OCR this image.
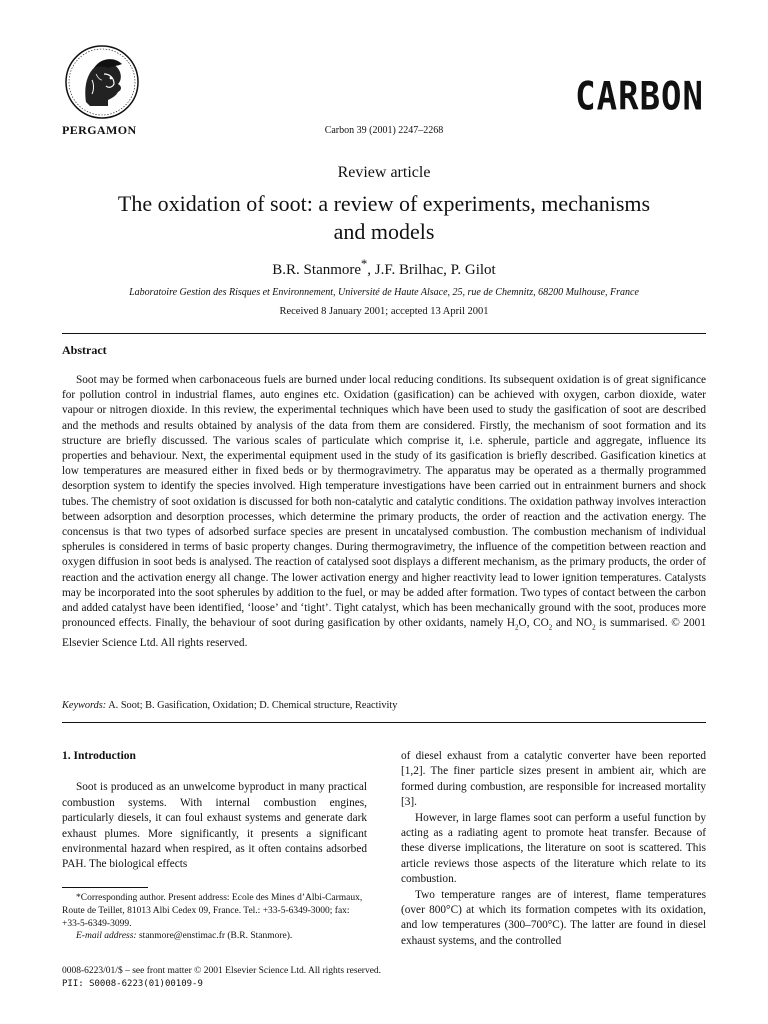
PERGAMON	Carbon 39 (2001) 2247–2268
CARBON
Review article
The oxidation of soot: a review of experiments, mechanisms
and models
B.R. Stanmore*, J.F. Brilhac, P. Gilot
Laboratoire Gestion des Risques et Environnement, Université de Haute Alsace, 25, rue de Chemnitz, 68200 Mulhouse, France
Received 8 January 2001; accepted 13 April 2001
Abstract

Soot may be formed when carbonaceous fuels are burned under local reducing conditions. Its subsequent oxidation is of great significance for pollution control in industrial flames, auto engines etc. Oxidation (gasification) can be achieved with oxygen, carbon dioxide, water vapour or nitrogen dioxide. In this review, the experimental techniques which have been used to study the gasification of soot are described and the methods and results obtained by analysis of the data from them are considered. Firstly, the mechanism of soot formation and its structure are briefly discussed. The various scales of particulate which comprise it, i.e. spherule, particle and aggregate, influence its properties and behaviour. Next, the experimental equipment used in the study of its gasification is briefly described. Gasification kinetics at low temperatures are measured either in fixed beds or by thermogravimetry. The apparatus may be operated as a thermally programmed desorption system to identify the species involved. High temperature investigations have been carried out in entrainment burners and shock tubes. The chemistry of soot oxidation is discussed for both non-catalytic and catalytic conditions. The oxidation pathway involves interaction between adsorption and desorption processes, which determine the primary products, the order of reaction and the activation energy. The concensus is that two types of adsorbed surface species are present in uncatalysed combustion. The combustion mechanism of individual spherules is considered in terms of basic property changes. During thermogravimetry, the influence of the competition between reaction and oxygen diffusion in soot beds is analysed. The reaction of catalysed soot displays a different mechanism, as the primary products, the order of reaction and the activation energy all change. The lower activation energy and higher reactivity lead to lower ignition temperatures. Catalysts may be incorporated into the soot spherules by addition to the fuel, or may be added after formation. Two types of contact between the carbon and added catalyst have been identified, ‘loose’ and ‘tight’. Tight catalyst, which has been mechanically ground with the soot, produces more pronounced effects. Finally, the behaviour of soot during gasification by other oxidants, namely $H_2O$, $CO_2$ and $NO_2$ is summarised. © 2001 Elsevier Science Ltd. All rights reserved.

Keywords: A. Soot; B. Gasification, Oxidation; D. Chemical structure, Reactivity
1. Introduction

Soot is produced as an unwelcome byproduct in many practical combustion systems. With internal combustion engines, particularly diesels, it can foul exhaust systems and generate dark exhaust plumes. More significantly, it presents a significant environmental hazard when respired, as it often contains adsorbed PAH. The biological effects

of diesel exhaust from a catalytic converter have been reported [1,2]. The finer particle sizes present in ambient air, which are formed during combustion, are responsible for increased mortality [3].

However, in large flames soot can perform a useful function by acting as a radiating agent to promote heat transfer. Because of these diverse implications, the literature on soot is scattered. This article reviews those aspects of the literature which relate to its combustion.

Two temperature ranges are of interest, flame temperatures (over 800°C) at which its formation competes with its oxidation, and low temperatures (300–700°C). The latter are found in diesel exhaust systems, and the controlled

*Corresponding author. Present address: Ecole des Mines d’Albi-Carmaux, Route de Teillet, 81013 Albi Cedex 09, France. Tel.: +33-5-6349-3000; fax: +33-5-6349-3099.

E-mail address: stanmore@enstimac.fr (B.R. Stanmore).

0008-6223/01/$ – see front matter © 2001 Elsevier Science Ltd. All rights reserved.
PII: S0008-6223(01)00109-9
